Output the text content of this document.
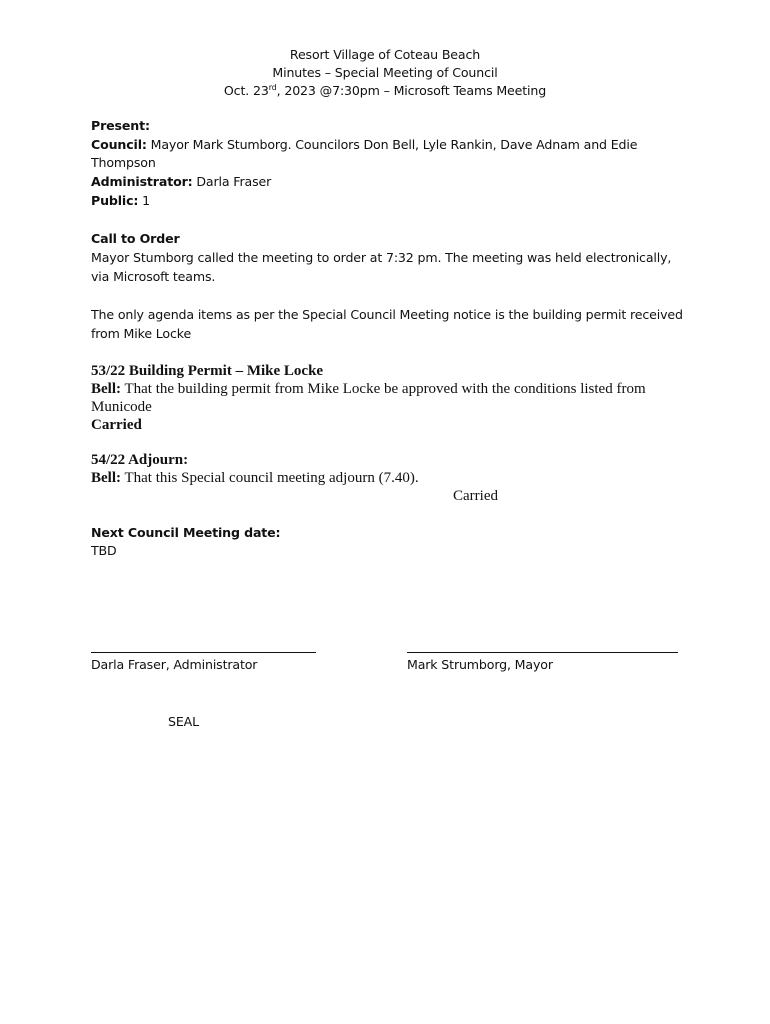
Resort Village of Coteau Beach
Minutes – Special Meeting of Council
Oct. 23rd, 2023 @7:30pm – Microsoft Teams Meeting
Present:
Council: Mayor Mark Stumborg. Councilors Don Bell, Lyle Rankin, Dave Adnam and Edie
Thompson
Administrator: Darla Fraser
Public: 1
Call to Order
Mayor Stumborg called the meeting to order at 7:32 pm. The meeting was held electronically,
via Microsoft teams.
The only agenda items as per the Special Council Meeting notice is the building permit received
from Mike Locke
53/22 Building Permit – Mike Locke
Bell: That the building permit from Mike Locke be approved with the conditions listed from
Municode
Carried
54/22 Adjourn:
Bell: That this Special council meeting adjourn (7.40).
Carried
Next Council Meeting date:
TBD
Darla Fraser, Administrator	Mark Strumborg, Mayor
SEAL
